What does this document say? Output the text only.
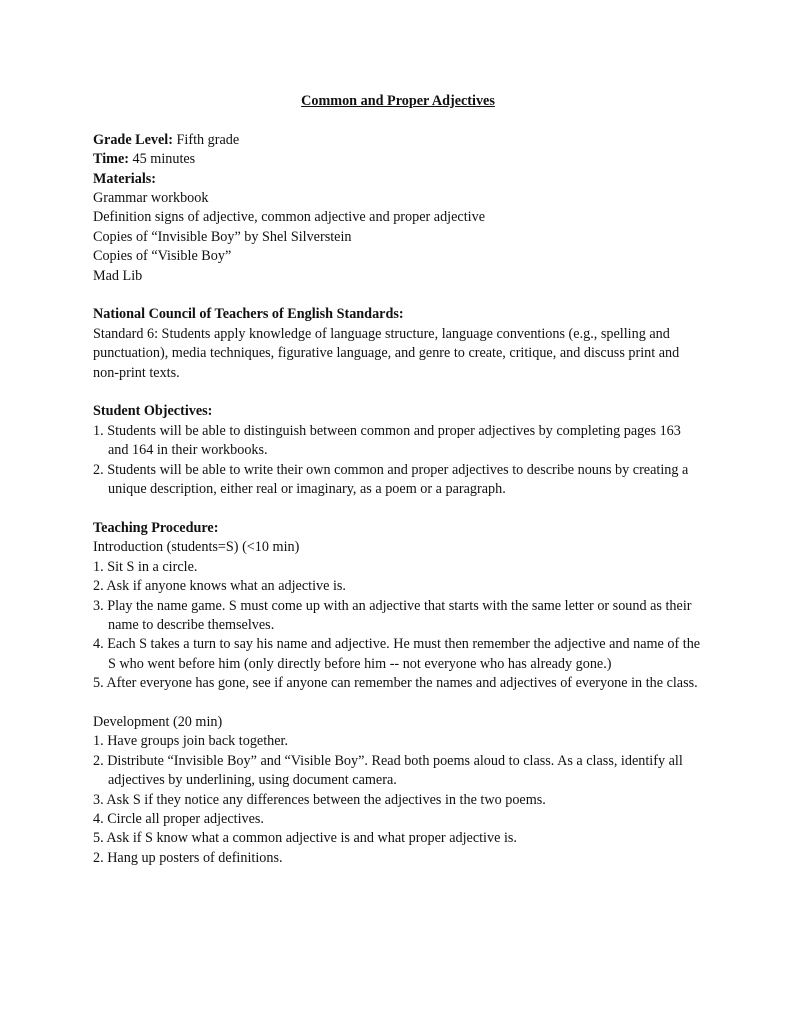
Common and Proper Adjectives
Grade Level: Fifth grade
Time: 45 minutes
Materials:
Grammar workbook
Definition signs of adjective, common adjective and proper adjective
Copies of “Invisible Boy” by Shel Silverstein
Copies of “Visible Boy”
Mad Lib
National Council of Teachers of English Standards:
Standard 6: Students apply knowledge of language structure, language conventions (e.g., spelling and punctuation), media techniques, figurative language, and genre to create, critique, and discuss print and non-print texts.
Student Objectives:
1. Students will be able to distinguish between common and proper adjectives by completing pages 163 and 164 in their workbooks.
2. Students will be able to write their own common and proper adjectives to describe nouns by creating a unique description, either real or imaginary, as a poem or a paragraph.
Teaching Procedure:
Introduction (students=S) (<10 min)
1. Sit S in a circle.
2. Ask if anyone knows what an adjective is.
3. Play the name game. S must come up with an adjective that starts with the same letter or sound as their name to describe themselves.
4. Each S takes a turn to say his name and adjective. He must then remember the adjective and name of the S who went before him (only directly before him -- not everyone who has already gone.)
5. After everyone has gone, see if anyone can remember the names and adjectives of everyone in the class.
Development (20 min)
1. Have groups join back together.
2. Distribute “Invisible Boy” and “Visible Boy”. Read both poems aloud to class. As a class, identify all adjectives by underlining, using document camera.
3. Ask S if they notice any differences between the adjectives in the two poems.
4. Circle all proper adjectives.
5. Ask if S know what a common adjective is and what proper adjective is.
2. Hang up posters of definitions.
